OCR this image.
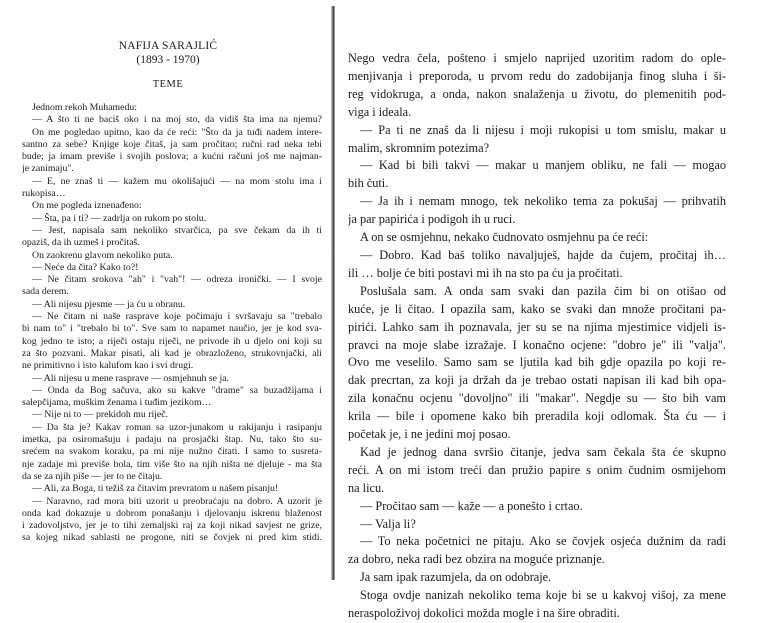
NAFIJA SARAJLIĆ
(1893 - 1970)
TEME
Jednom rekoh Muhamedu:
— A što ti ne baciš oko i na moj sto, da vidiš šta ima na njemu?
On me pogledao upitno, kao da će reći: "Što da ja tuđi nadem intere-
santno za sebe? Knjige koje čitaš, ja sam pročitao; ručni rad neka tebi
bude; ja imam previše i svojih poslova; a kućni računi još me najman-
je zanimaju".
— E, ne znaš ti — kažem mu okolišajući — na mom stolu ima i
rukopisa…
On me pogleda iznenađeno:
— Šta, pa i ti? — zadrlja on rukom po stolu.
— Jest, napisala sam nekoliko stvarčica, pa sve čekam da ih ti
opaziš, da ih uzmeš i pročitaš.
On zaokrenu glavom nekoliko puta.
— Neće da čita? Kako to?!
— Ne čitam srokova "ah" i "vah"! — odreza ironički. — I svoje
sada derem.
— Ali nijesu pjesme — ja ću u obranu.
— Ne čitam ni naše rasprave koje počimaju i svršavaju sa "trebalo
bi nam to" i "trebalo bi to". Sve sam to napamet naučio, jer je kod sva-
kog jedno te isto; a riječi ostaju riječi, ne privode ih u djelo oni koji su
za što pozvani. Makar pisati, ali kad je obrazloženo, strukovnjački, ali
ne primitivno i isto kalufom kao i svi drugi.
— Ali nijesu u mene rasprave — osmjehnuh se ja.
— Onda da Bog sačuva, ako su kakve "drame" sa buzadžijama i
salepčijama, muškim ženama i tuđim jezikom…
— Nije ni to — prekidoh mu riječ.
— Da šta je? Kakav roman sa uzor-junakom u rakijanju i rasipanju
imetka, pa osiromašuju i padaju na prosjački štap. Nu, tako što su-
srećem na svakom koraku, pa mi nije nužno čitati. I samo to susreta-
nje zadaje mi previše bola, tim više što na njih ništa ne djeluje - ma šta
da se za njih piše — jer to ne čitaju.
— Ali, za Boga, ti težiš za čitavim prevratom u našem pisanju!
— Naravno, rad mora biti uzorit u preobraćaju na dobro. A uzorit je
onda kad dokazuje u dobrom ponašanju i djelovanju iskrenu blaženost
i zadovoljstvo, jer je to tihi zemaljski raj za koji nikad savjest ne grize,
sa kojeg nikad sablasti ne progone, niti se čovjek ni pred kim stidi.
Nego vedra čela, pošteno i smjelo naprijed uzoritim radom do ople-
menjivanja i preporoda, u prvom redu do zadobijanja finog sluha i ši-
reg vidokruga, a onda, nakon snalaženja u životu, do plemenitih pod-
viga i ideala.
— Pa ti ne znaš da li nijesu i moji rukopisi u tom smislu, makar u
malim, skromnim potezima?
— Kad bi bili takvi — makar u manjem obliku, ne fali — mogao
bih čuti.
— Ja ih i nemam mnogo, tek nekoliko tema za pokušaj — prihvatih
ja par papirića i podigoh ih u ruci.
A on se osmjehnu, nekako čudnovato osmjehnu pa će reći:
— Dobro. Kad baš toliko navaljuješ, hajde da čujem, pročitaj ih…
ili … bolje će biti postavi mi ih na sto pa ću ja pročitati.
Poslušala sam. A onda sam svaki dan pazila čim bi on otišao od
kuće, je li čitao. I opazila sam, kako se svaki dan množe pročitani pa-
pirići. Lahko sam ih poznavala, jer su se na njima mjestimice vidjeli is-
pravci na moje slabe izražaje. I konačno ocjene: "dobro je" ili "valja".
Ovo me veselilo. Samo sam se ljutila kad bih gdje opazila po koji re-
dak precrtan, za koji ja držah da je trebao ostati napisan ili kad bih opa-
zila konačnu ocjenu "dovoljno" ili "makar". Negdje su — što bih vam
krila — bile i opomene kako bih preradila koji odlomak. Šta ću — i
početak je, i ne jedini moj posao.
Kad je jednog dana svršio čitanje, jedva sam čekala šta će skupno
reći. A on mi istom treći dan pružio papire s onim čudnim osmijehom
na licu.
— Pročitao sam — kaže — a ponešto i crtao.
— Valja li?
— To neka početnici ne pitaju. Ako se čovjek osjeća dužnim da radi
za dobro, neka radi bez obzira na moguće priznanje.
Ja sam ipak razumjela, da on odobraje.
Stoga ovdje nanizah nekoliko tema koje bi se u kakvoj višoj, za mene
neraspoloživoj dokolici možda mogle i na šire obraditi.
